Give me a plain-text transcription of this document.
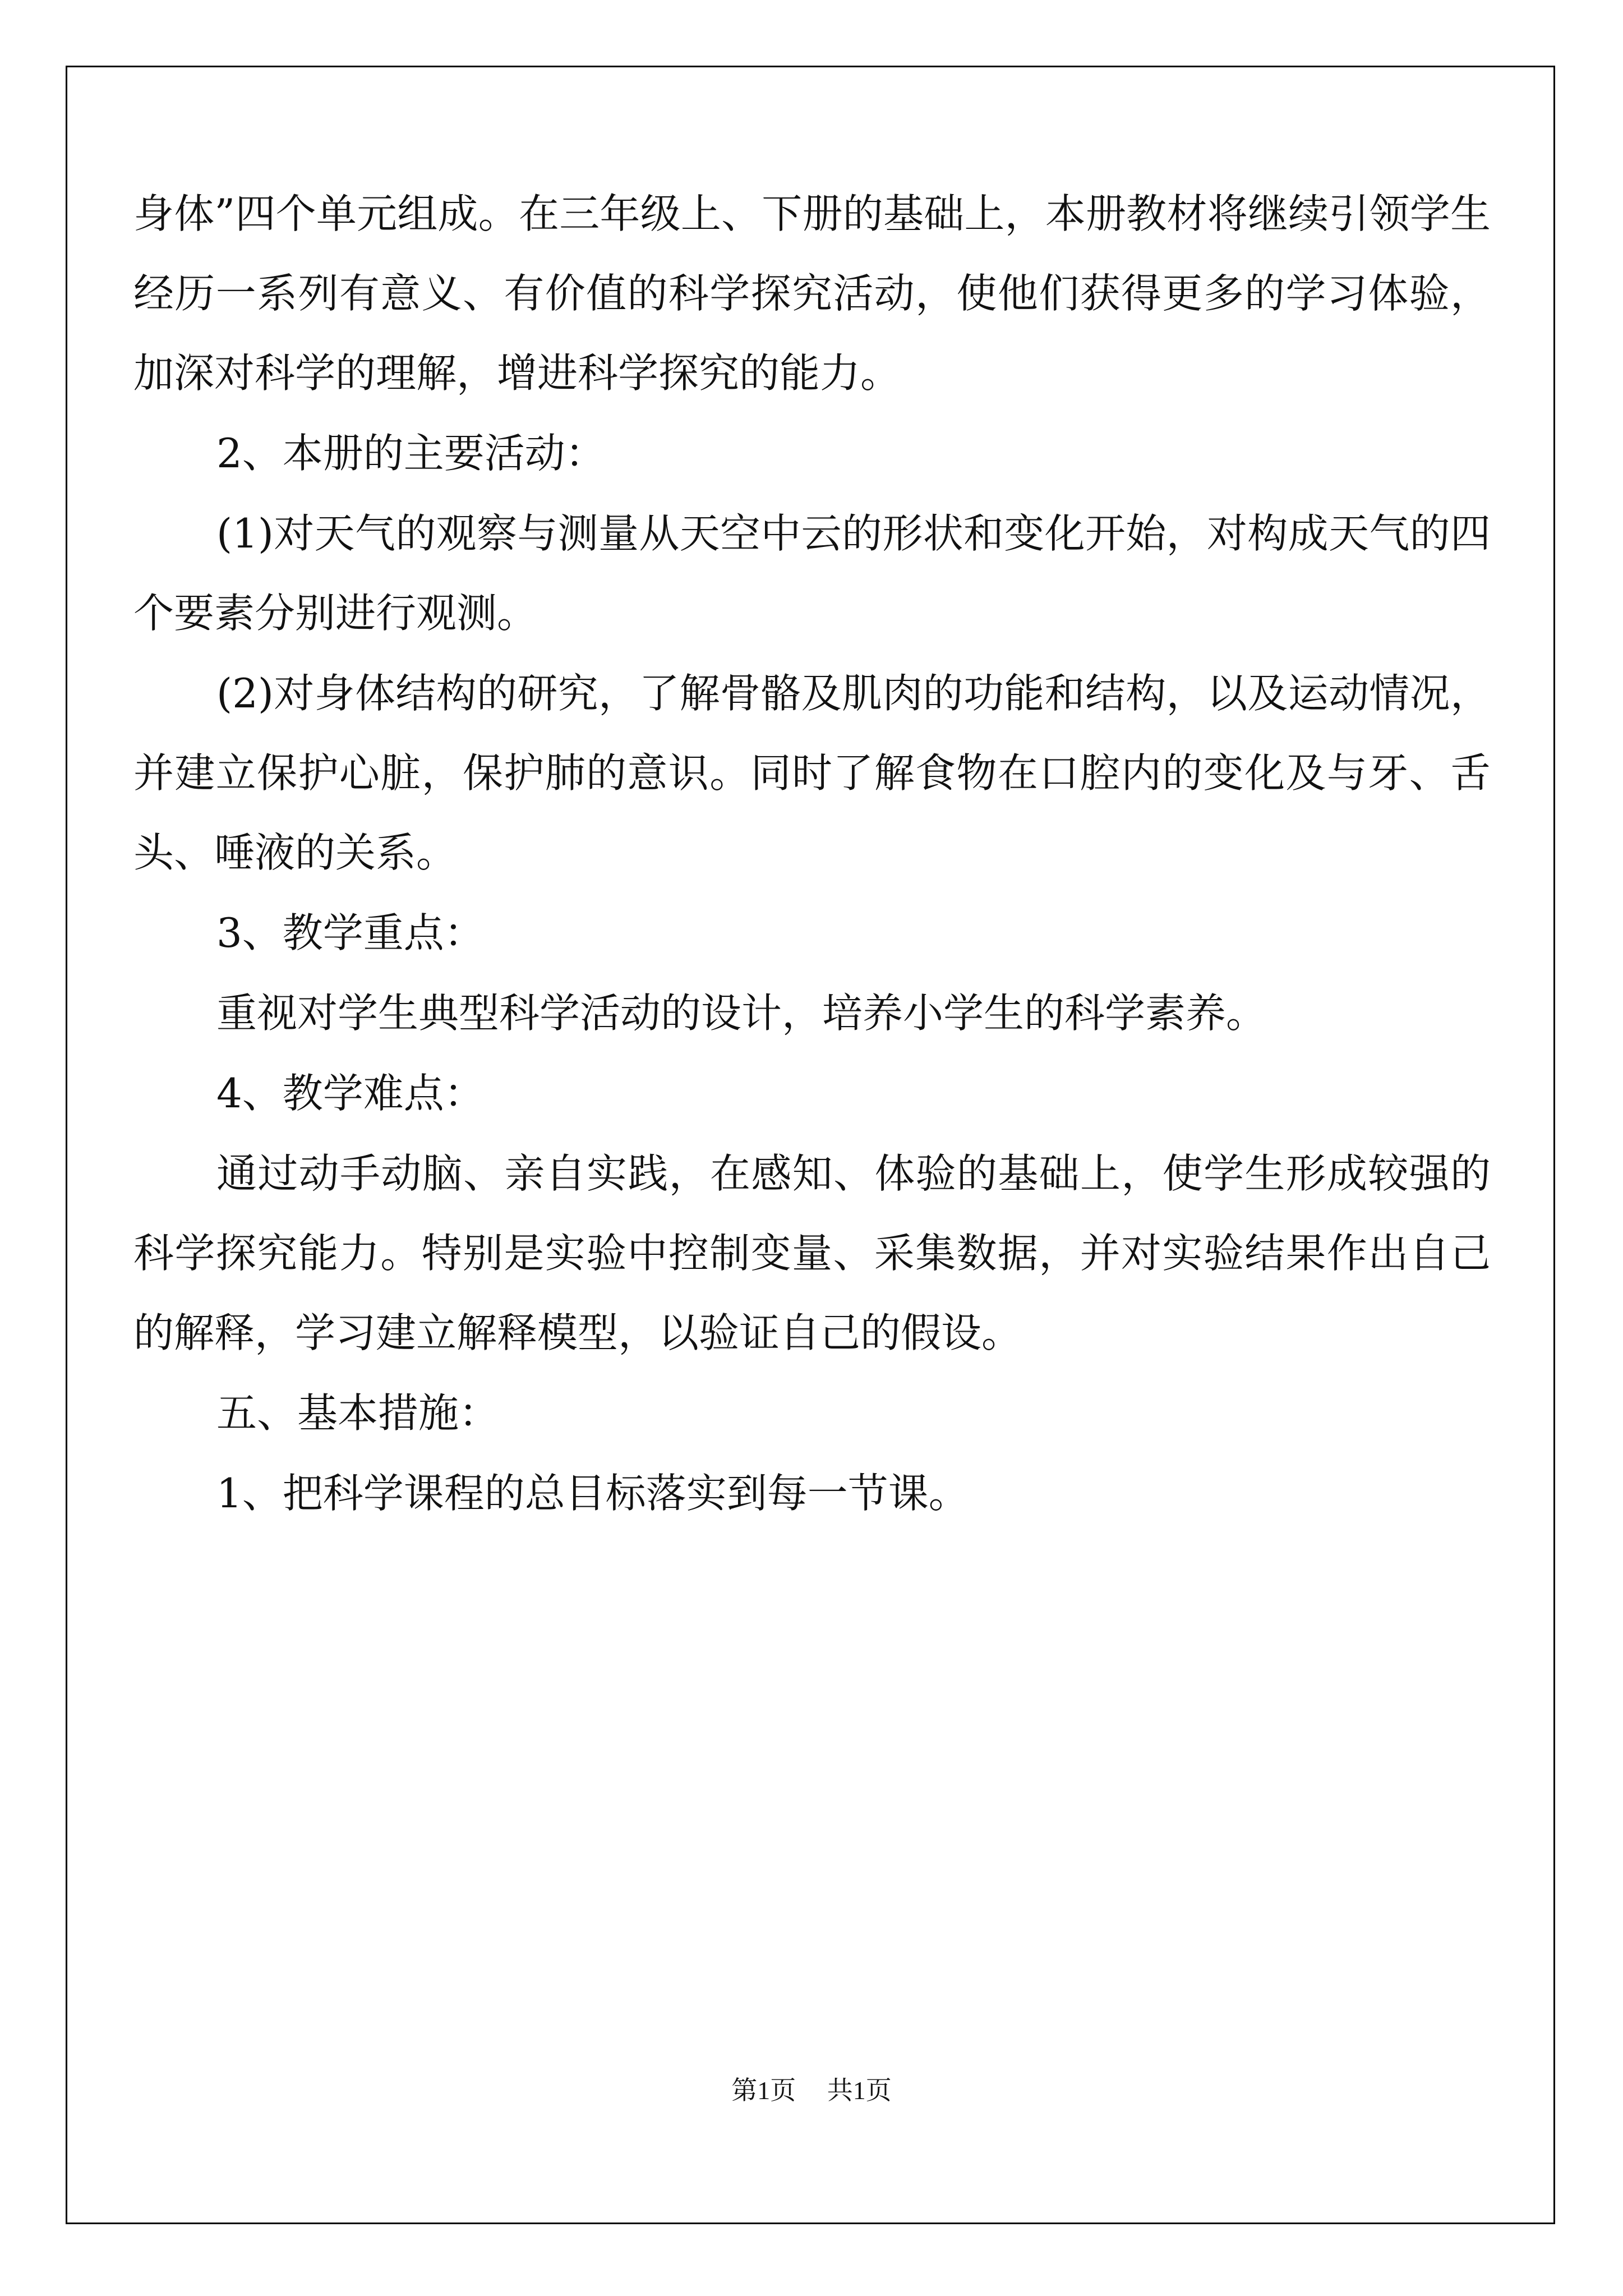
身体”四个单元组成。在三年级上、下册的基础上，本册教材将继续引领学生经历一系列有意义、有价值的科学探究活动，使他们获得更多的学习体验，加深对科学的理解，增进科学探究的能力。

2、本册的主要活动：

(1)对天气的观察与测量从天空中云的形状和变化开始，对构成天气的四个要素分别进行观测。

(2)对身体结构的研究，了解骨骼及肌肉的功能和结构，以及运动情况，并建立保护心脏，保护肺的意识。同时了解食物在口腔内的变化及与牙、舌头、唾液的关系。

3、教学重点：

重视对学生典型科学活动的设计，培养小学生的科学素养。

4、教学难点：

通过动手动脑、亲自实践，在感知、体验的基础上，使学生形成较强的科学探究能力。特别是实验中控制变量、采集数据，并对实验结果作出自己的解释，学习建立解释模型，以验证自己的假设。

五、基本措施：

1、把科学课程的总目标落实到每一节课。

第1页 共1页
